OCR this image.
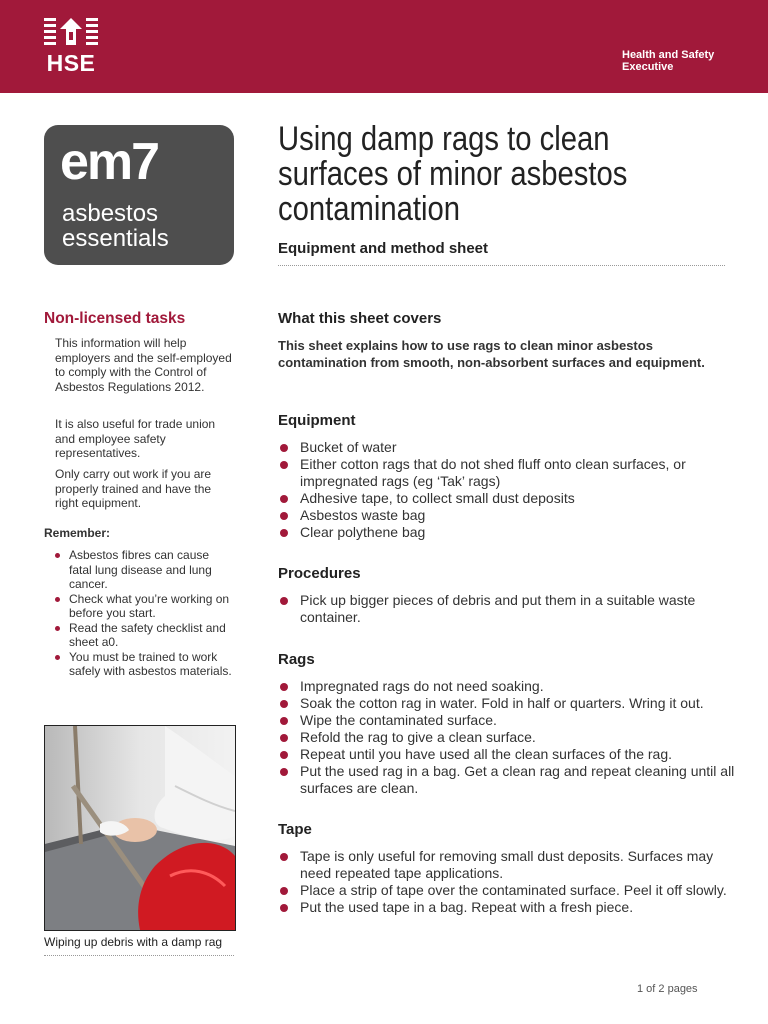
HSE	Health and Safety
Executive
em7
asbestos
essentials
Using damp rags to clean
surfaces of minor asbestos
contamination
Equipment and method sheet
Non-licensed tasks
This information will help employers and the self-employed to comply with the Control of Asbestos Regulations 2012.
It is also useful for trade union and employee safety representatives.
Only carry out work if you are properly trained and have the right equipment.
Remember:
Asbestos fibres can cause fatal lung disease and lung cancer.
Check what you’re working on before you start.
Read the safety checklist and sheet a0.
You must be trained to work safely with asbestos materials.
Wiping up debris with a damp rag
What this sheet covers
This sheet explains how to use rags to clean minor asbestos contamination from smooth, non-absorbent surfaces and equipment.
Equipment
Bucket of water
Either cotton rags that do not shed fluff onto clean surfaces, or impregnated rags (eg ‘Tak’ rags)
Adhesive tape, to collect small dust deposits
Asbestos waste bag
Clear polythene bag
Procedures
Pick up bigger pieces of debris and put them in a suitable waste container.
Rags
Impregnated rags do not need soaking.
Soak the cotton rag in water. Fold in half or quarters. Wring it out.
Wipe the contaminated surface.
Refold the rag to give a clean surface.
Repeat until you have used all the clean surfaces of the rag.
Put the used rag in a bag. Get a clean rag and repeat cleaning until all surfaces are clean.
Tape
Tape is only useful for removing small dust deposits. Surfaces may need repeated tape applications.
Place a strip of tape over the contaminated surface. Peel it off slowly.
Put the used tape in a bag. Repeat with a fresh piece.
1 of 2 pages
